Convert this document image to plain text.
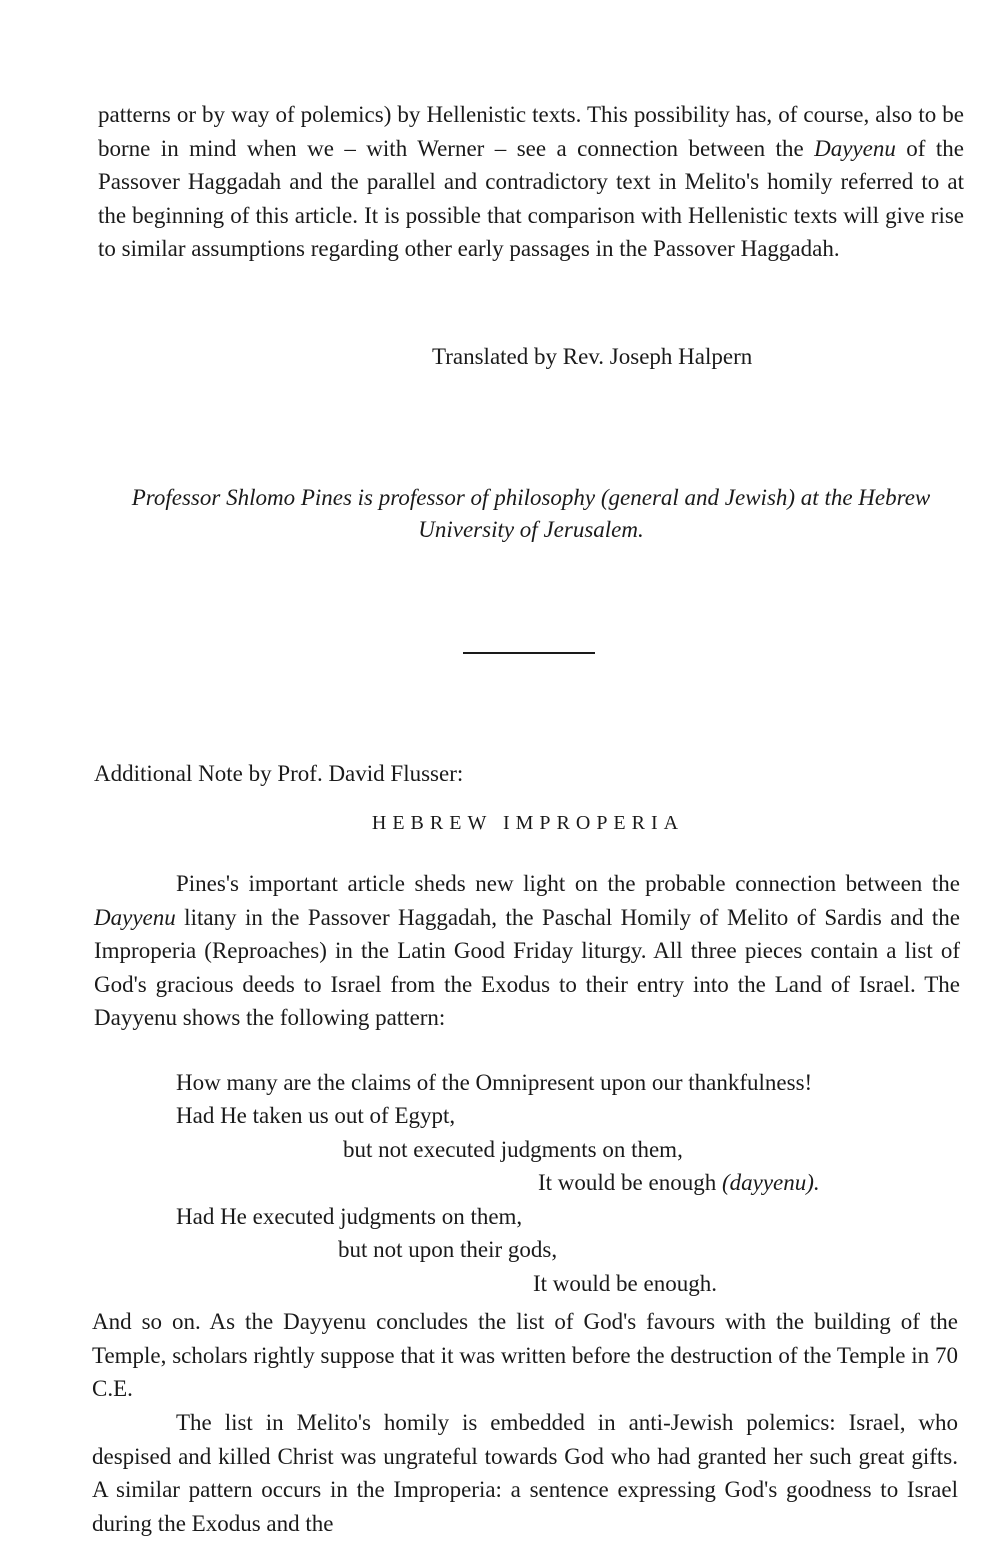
patterns or by way of polemics) by Hellenistic texts. This possibility has, of course, also to be borne in mind when we – with Werner – see a connection between the Dayyenu of the Passover Haggadah and the parallel and contradictory text in Melito's homily referred to at the beginning of this article. It is possible that comparison with Hellenistic texts will give rise to similar assumptions regarding other early passages in the Passover Haggadah.

Translated by Rev. Joseph Halpern
Professor Shlomo Pines is professor of philosophy (general and Jewish) at the Hebrew University of Jerusalem.
Additional Note by Prof. David Flusser:
HEBREW IMPROPERIA

Pines's important article sheds new light on the probable connection between the Dayyenu litany in the Passover Haggadah, the Paschal Homily of Melito of Sardis and the Improperia (Reproaches) in the Latin Good Friday liturgy. All three pieces contain a list of God's gracious deeds to Israel from the Exodus to their entry into the Land of Israel. The Dayyenu shows the following pattern:

How many are the claims of the Omnipresent upon our thankfulness!
Had He taken us out of Egypt,
but not executed judgments on them,
It would be enough (dayyenu).
Had He executed judgments on them,
but not upon their gods,
It would be enough.

And so on. As the Dayyenu concludes the list of God's favours with the building of the Temple, scholars rightly suppose that it was written before the destruction of the Temple in 70 C.E.

The list in Melito's homily is embedded in anti-Jewish polemics: Israel, who despised and killed Christ was ungrateful towards God who had granted her such great gifts. A similar pattern occurs in the Improperia: a sentence expressing God's goodness to Israel during the Exodus and the
